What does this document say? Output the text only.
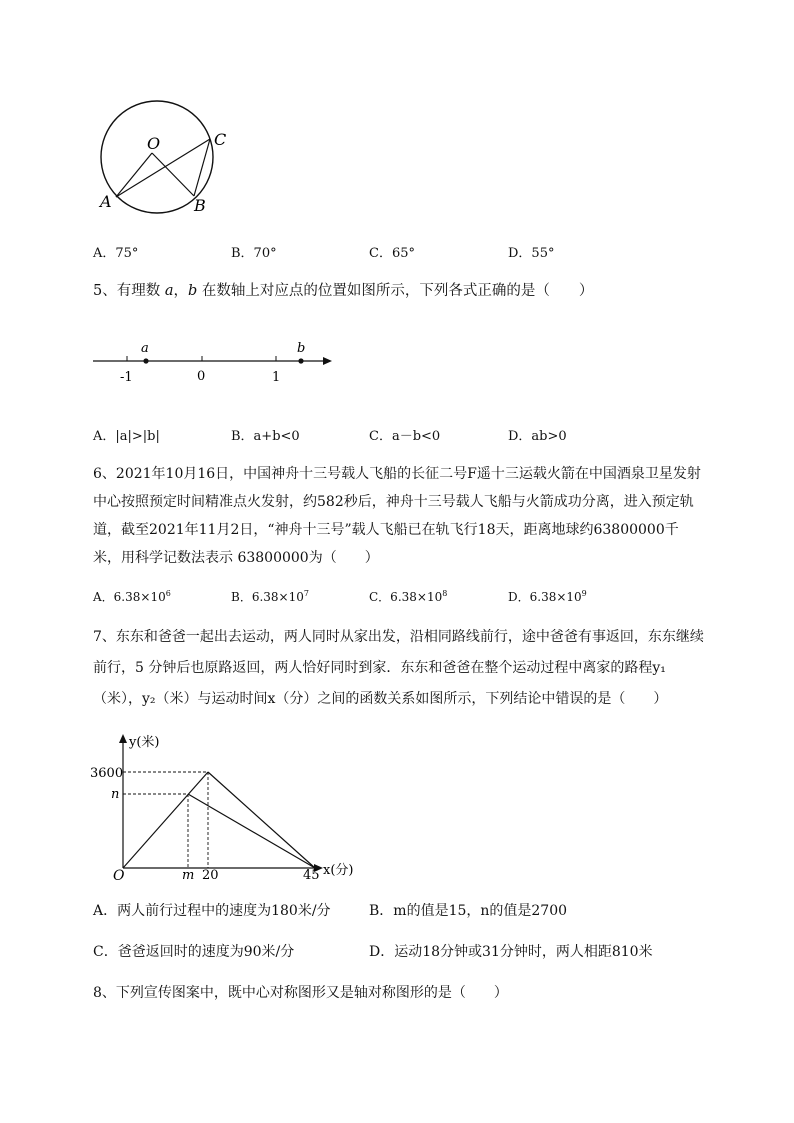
O
A	B
C
A．75°	B．70°	C．65°	D．55°
5、有理数 a，b 在数轴上对应点的位置如图所示，下列各式正确的是（　　）
a	b
-1	0	1
A．|a|>|b|	B．a+b<0	C．a－b<0	D．ab>0
6、2021年10月16日，中国神舟十三号载人飞船的长征二号F遥十三运载火箭在中国酒泉卫星发射
中心按照预定时间精准点火发射，约582秒后，神舟十三号载人飞船与火箭成功分离，进入预定轨
道，截至2021年11月2日，“神舟十三号”载人飞船已在轨飞行18天，距离地球约63800000千
米，用科学记数法表示 63800000为（　　）
A．$6.38\times 10^6$	B．$6.38\times 10^7$	C．$6.38\times 10^8$	D．$6.38\times 10^9$
7、东东和爸爸一起出去运动，两人同时从家出发，沿相同路线前行，途中爸爸有事返回，东东继续
前行，5 分钟后也原路返回，两人恰好同时到家．东东和爸爸在整个运动过程中离家的路程y₁
（米），y₂（米）与运动时间x（分）之间的函数关系如图所示，下列结论中错误的是（　　）
y(米)
x(分)
O
3600
n
m 20	45
A．两人前行过程中的速度为180米/分	B．m的值是15，n的值是2700
C．爸爸返回时的速度为90米/分	D．运动18分钟或31分钟时，两人相距810米
8、下列宣传图案中，既中心对称图形又是轴对称图形的是（　　）
